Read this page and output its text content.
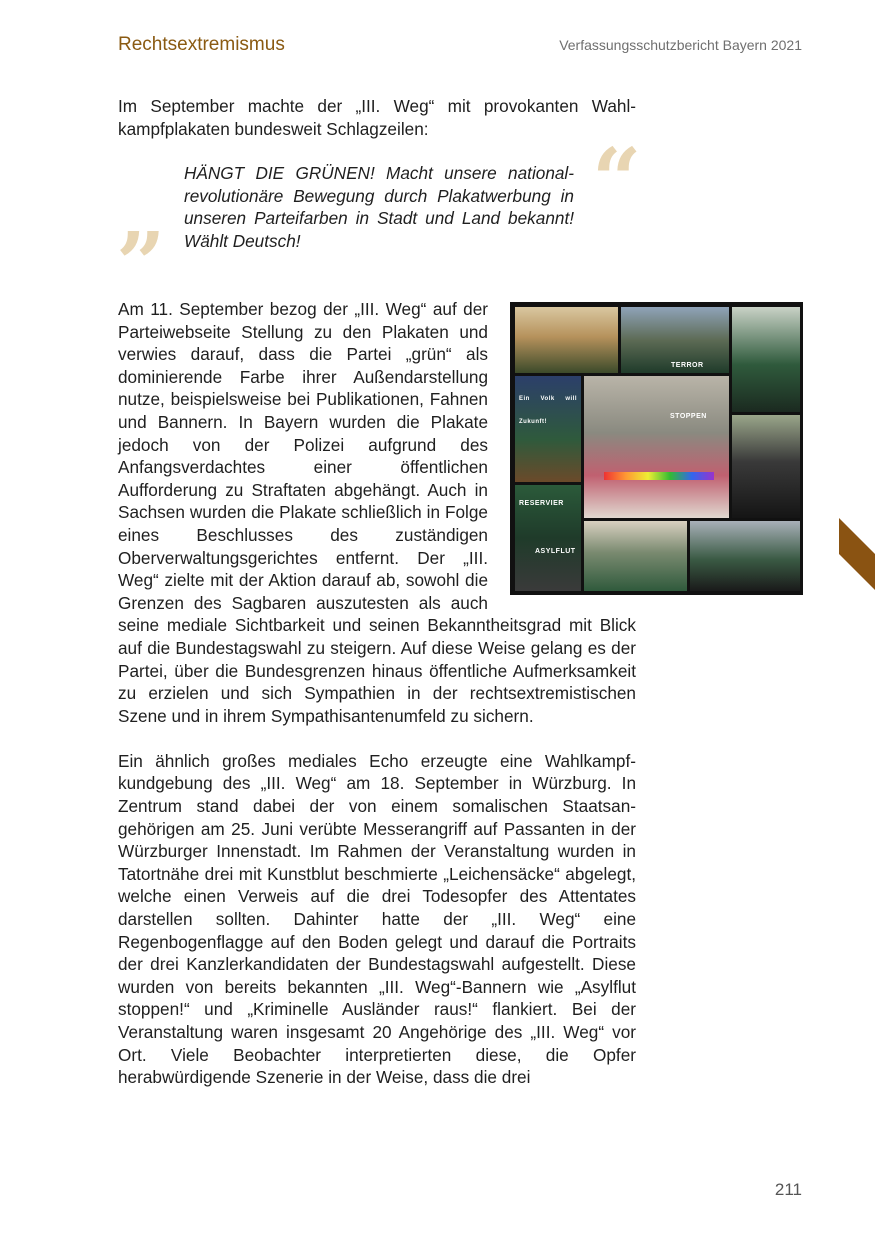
Rechtsextremismus	Verfassungsschutzbericht Bayern 2021
Im September machte der „III. Weg“ mit provokanten Wahlkampfplakaten bundesweit Schlagzeilen:
“
HÄNGT DIE GRÜNEN! Macht unsere nationalrevolutionäre Bewegung durch Plakatwerbung in unseren Parteifarben in Stadt und Land bekannt! Wählt Deutsch!
”
TERROR
Ein Volk will Zukunft!
STOPPEN
RESERVIER
ASYLFLUT

Am 11. September bezog der „III. Weg“ auf der Parteiwebseite Stellung zu den Plakaten und verwies darauf, dass die Partei „grün“ als dominierende Farbe ihrer Außendarstellung nutze, beispielsweise bei Publikationen, Fahnen und Bannern. In Bayern wurden die Plakate jedoch von der Polizei aufgrund des Anfangsverdachtes einer öffentlichen Aufforderung zu Straftaten abgehängt. Auch in Sachsen wurden die Plakate schließlich in Folge eines Beschlusses des zuständigen Oberverwaltungsgerichtes entfernt. Der „III. Weg“ zielte mit der Aktion darauf ab, sowohl die Grenzen des Sagbaren auszutesten als auch seine mediale Sichtbarkeit und seinen Bekanntheitsgrad mit Blick auf die Bundestagswahl zu steigern. Auf diese Weise gelang es der Partei, über die Bundesgrenzen hinaus öffentliche Aufmerksamkeit zu erzielen und sich Sympathien in der rechtsextremistischen Szene und in ihrem Sympathisantenumfeld zu sichern.

Ein ähnlich großes mediales Echo erzeugte eine Wahlkampfkundgebung des „III. Weg“ am 18. September in Würzburg. In Zentrum stand dabei der von einem somalischen Staatsangehörigen am 25. Juni verübte Messerangriff auf Passanten in der Würzburger Innenstadt. Im Rahmen der Veranstaltung wurden in Tatortnähe drei mit Kunstblut beschmierte „Leichensäcke“ abgelegt, welche einen Verweis auf die drei Todesopfer des Attentates darstellen sollten. Dahinter hatte der „III. Weg“ eine Regenbogenflagge auf den Boden gelegt und darauf die Portraits der drei Kanzlerkandidaten der Bundestagswahl aufgestellt. Diese wurden von bereits bekannten „III. Weg“-Bannern wie „Asylflut stoppen!“ und „Kriminelle Ausländer raus!“ flankiert. Bei der Veranstaltung waren insgesamt 20 Angehörige des „III. Weg“ vor Ort. Viele Beobachter interpretierten diese, die Opfer herabwürdigende Szenerie in der Weise, dass die drei

211
